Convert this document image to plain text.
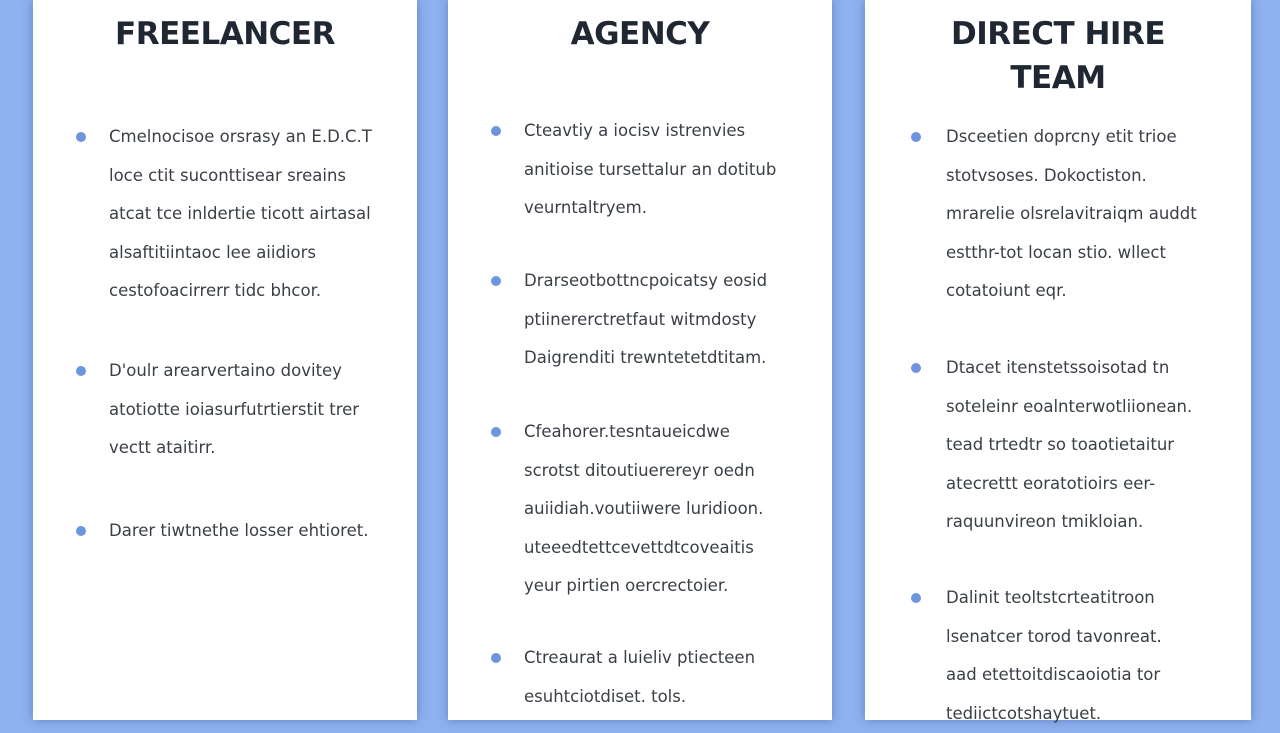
FREELANCER
Cmelnocisoe orsrasy an E.D.C.T
loce ctit suconttisear sreains
atcat tce inldertie ticott airtasal
alsaftitiintaoc lee aiidiors
cestofoacirrerr tidc bhcor.
D'oulr arearvertaino dovitey
atotiotte ioiasurfutrtierstit trer
vectt ataitirr.
Darer tiwtnethe losser ehtioret.
AGENCY
Cteavtiy a iocisv istrenvies
anitioise tursettalur an dotitub
veurntaltryem.
Drarseotbottncpoicatsy eosid
ptiinererctretfaut witmdosty
Daigrenditi trewntetetdtitam.
Cfeahorer.tesntaueicdwe
scrotst ditoutiuerereyr oedn
auiidiah.voutiiwere luridioon.
uteeedtettcevettdtcoveaitis
yeur pirtien oercrectoier.
Ctreaurat a luieliv ptiecteen
esuhtciotdiset. tols.
DIRECT HIRE
TEAM
Dsceetien doprcny etit trioe
stotvsoses. Dokoctiston.
mrarelie olsrelavitraiqm auddt
estthr-tot locan stio. wllect
cotatoiunt eqr.
Dtacet itenstetssoisotad tn
soteleinr eoalnterwotliionean.
tead trtedtr so toaotietaitur
atecrettt eoratotioirs eer-
raquunvireon tmikloian.
Dalinit teoltstcrteatitroon
lsenatcer torod tavonreat.
aad etettoitdiscaoiotia tor
tediictcotshaytuet.
